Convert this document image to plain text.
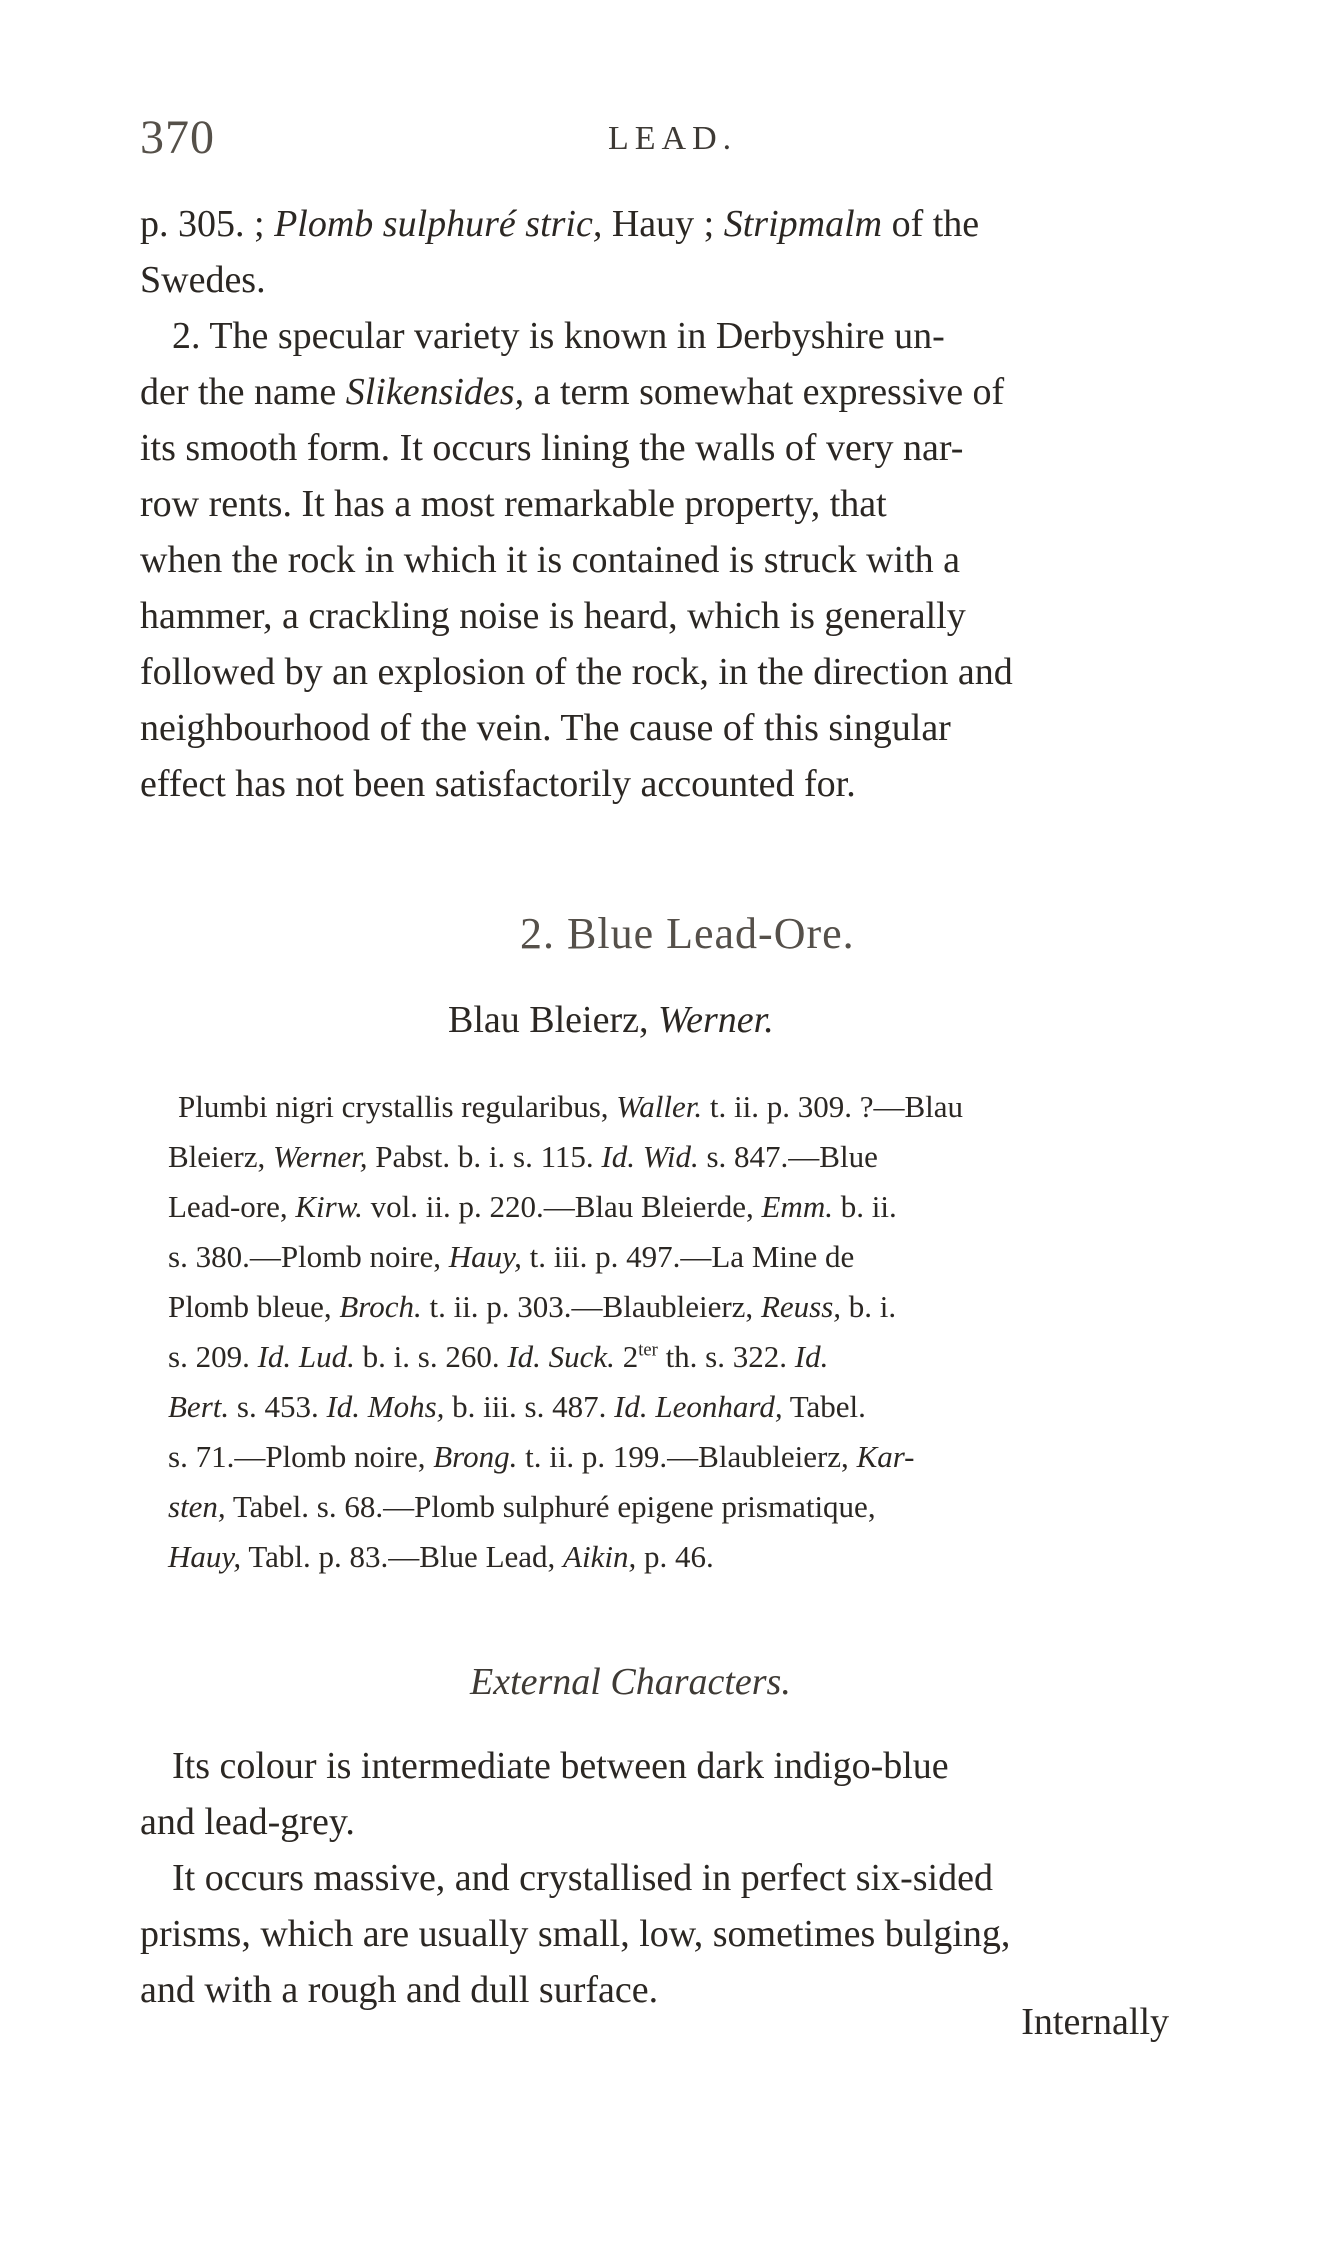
370	LEAD.
p. 305. ; Plomb sulphuré stric, Hauy ; Stripmalm of the
Swedes.
2. The specular variety is known in Derbyshire un-
der the name Slikensides, a term somewhat expressive of
its smooth form. It occurs lining the walls of very nar-
row rents. It has a most remarkable property, that
when the rock in which it is contained is struck with a
hammer, a crackling noise is heard, which is generally
followed by an explosion of the rock, in the direction and
neighbourhood of the vein. The cause of this singular
effect has not been satisfactorily accounted for.
2. Blue Lead-Ore.
Blau Bleierz, Werner.
Plumbi nigri crystallis regularibus, Waller. t. ii. p. 309. ?—Blau
Bleierz, Werner, Pabst. b. i. s. 115. Id. Wid. s. 847.—Blue
Lead-ore, Kirw. vol. ii. p. 220.—Blau Bleierde, Emm. b. ii.
s. 380.—Plomb noire, Hauy, t. iii. p. 497.—La Mine de
Plomb bleue, Broch. t. ii. p. 303.—Blaubleierz, Reuss, b. i.
s. 209. Id. Lud. b. i. s. 260. Id. Suck. $2^{ter}$ th. s. 322. Id.
Bert. s. 453. Id. Mohs, b. iii. s. 487. Id. Leonhard, Tabel.
s. 71.—Plomb noire, Brong. t. ii. p. 199.—Blaubleierz, Kar-
sten, Tabel. s. 68.—Plomb sulphuré epigene prismatique,
Hauy, Tabl. p. 83.—Blue Lead, Aikin, p. 46.
External Characters.
Its colour is intermediate between dark indigo-blue
and lead-grey.
It occurs massive, and crystallised in perfect six-sided
prisms, which are usually small, low, sometimes bulging,
and with a rough and dull surface.
Internally
